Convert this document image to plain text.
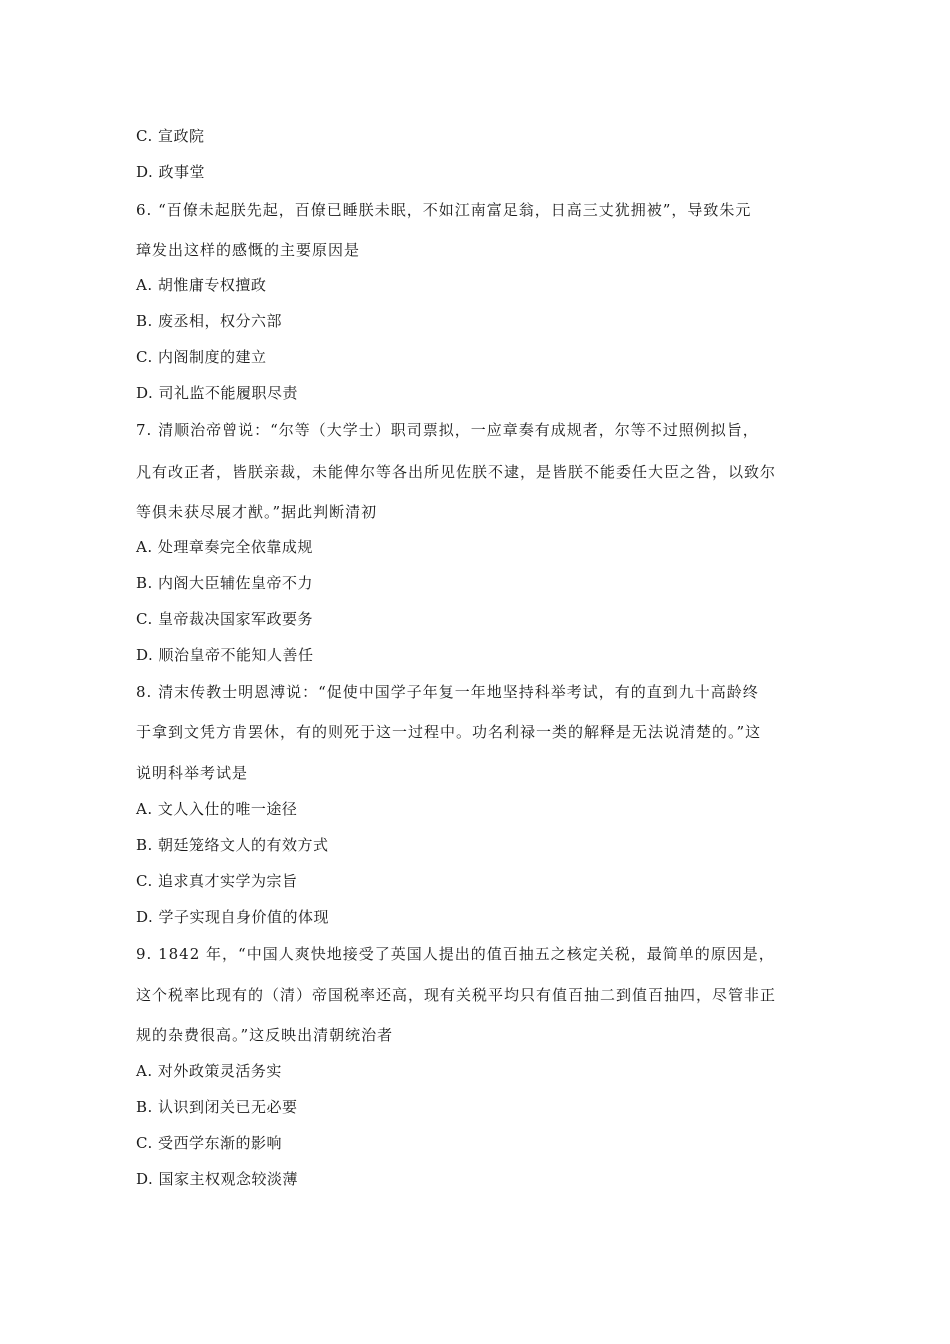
C. 宣政院
D. 政事堂
6. “百僚未起朕先起，百僚已睡朕未眠，不如江南富足翁，日高三丈犹拥被”，导致朱元
璋发出这样的感慨的主要原因是
A. 胡惟庸专权擅政
B. 废丞相，权分六部
C. 内阁制度的建立
D. 司礼监不能履职尽责
7. 清顺治帝曾说：“尔等（大学士）职司票拟，一应章奏有成规者，尔等不过照例拟旨，
凡有改正者，皆朕亲裁，未能俾尔等各出所见佐朕不逮，是皆朕不能委任大臣之咎，以致尔
等俱未获尽展才猷。”据此判断清初
A. 处理章奏完全依靠成规
B. 内阁大臣辅佐皇帝不力
C. 皇帝裁决国家军政要务
D. 顺治皇帝不能知人善任
8. 清末传教士明恩溥说：“促使中国学子年复一年地坚持科举考试，有的直到九十高龄终
于拿到文凭方肯罢休，有的则死于这一过程中。功名利禄一类的解释是无法说清楚的。”这
说明科举考试是
A. 文人入仕的唯一途径
B. 朝廷笼络文人的有效方式
C. 追求真才实学为宗旨
D. 学子实现自身价值的体现
9. 1842 年，“中国人爽快地接受了英国人提出的值百抽五之核定关税，最简单的原因是，
这个税率比现有的（清）帝国税率还高，现有关税平均只有值百抽二到值百抽四，尽管非正
规的杂费很高。”这反映出清朝统治者
A. 对外政策灵活务实
B. 认识到闭关已无必要
C. 受西学东渐的影响
D. 国家主权观念较淡薄
